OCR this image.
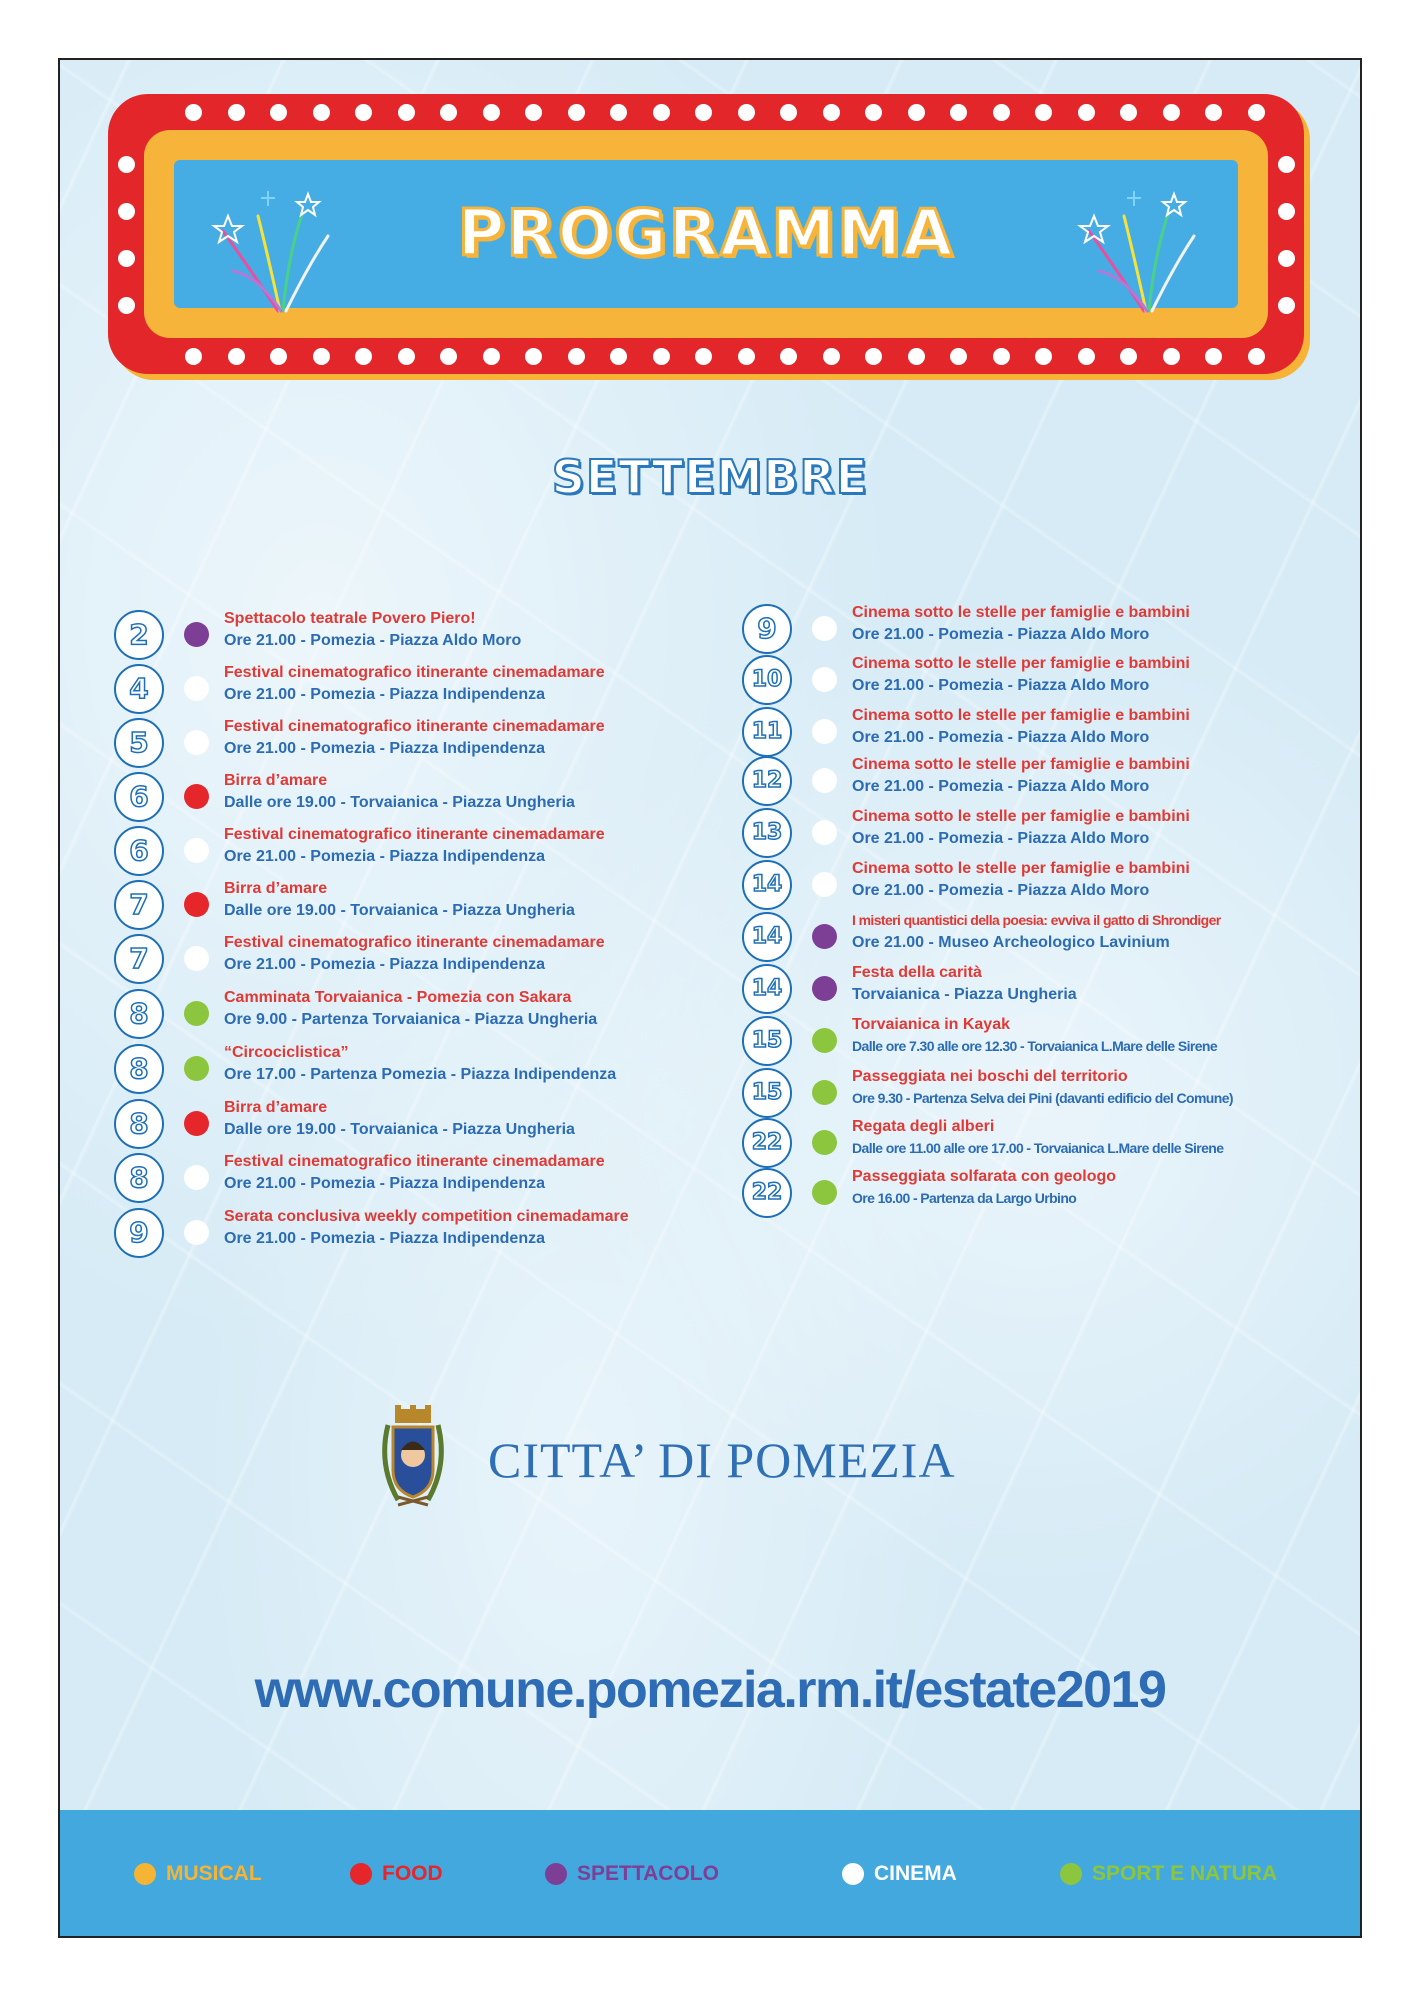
PROGRAMMA
SETTEMBRE
2	Spettacolo teatrale Povero Piero!
Ore 21.00 - Pomezia - Piazza Aldo Moro
4	Festival cinematografico itinerante cinemadamare
Ore 21.00 - Pomezia - Piazza Indipendenza
5	Festival cinematografico itinerante cinemadamare
Ore 21.00 - Pomezia - Piazza Indipendenza
6	Birra d’amare
Dalle ore 19.00 - Torvaianica - Piazza Ungheria
6	Festival cinematografico itinerante cinemadamare
Ore 21.00 - Pomezia - Piazza Indipendenza
7	Birra d’amare
Dalle ore 19.00 - Torvaianica - Piazza Ungheria
7	Festival cinematografico itinerante cinemadamare
Ore 21.00 - Pomezia - Piazza Indipendenza
8	Camminata Torvaianica - Pomezia con Sakara
Ore 9.00 - Partenza Torvaianica - Piazza Ungheria
8	“Circociclistica”
Ore 17.00 - Partenza Pomezia - Piazza Indipendenza
8	Birra d’amare
Dalle ore 19.00 - Torvaianica - Piazza Ungheria
8	Festival cinematografico itinerante cinemadamare
Ore 21.00 - Pomezia - Piazza Indipendenza
9	Serata conclusiva weekly competition cinemadamare
Ore 21.00 - Pomezia - Piazza Indipendenza
9	Cinema sotto le stelle per famiglie e bambini
Ore 21.00 - Pomezia - Piazza Aldo Moro
10
Cinema sotto le stelle per famiglie e bambini
Ore 21.00 - Pomezia - Piazza Aldo Moro
11
Cinema sotto le stelle per famiglie e bambini
Ore 21.00 - Pomezia - Piazza Aldo Moro
12
Cinema sotto le stelle per famiglie e bambini
Ore 21.00 - Pomezia - Piazza Aldo Moro
13
Cinema sotto le stelle per famiglie e bambini
Ore 21.00 - Pomezia - Piazza Aldo Moro
14
Cinema sotto le stelle per famiglie e bambini
Ore 21.00 - Pomezia - Piazza Aldo Moro
14
I misteri quantistici della poesia: evviva il gatto di Shrondiger
Ore 21.00 - Museo Archeologico Lavinium
14
Festa della carità
Torvaianica - Piazza Ungheria
15
Torvaianica in Kayak
Dalle ore 7.30 alle ore 12.30 - Torvaianica L.Mare delle Sirene
15
Passeggiata nei boschi del territorio
Ore 9.30 - Partenza Selva dei Pini (davanti edificio del Comune)
22
Regata degli alberi
Dalle ore 11.00 alle ore 17.00 - Torvaianica L.Mare delle Sirene
22
Passeggiata solfarata con geologo
Ore 16.00 - Partenza da Largo Urbino
CITTA’ DI POMEZIA
www.comune.pomezia.rm.it/estate2019
MUSICAL	FOOD	SPETTACOLO	CINEMA	SPORT E NATURA
